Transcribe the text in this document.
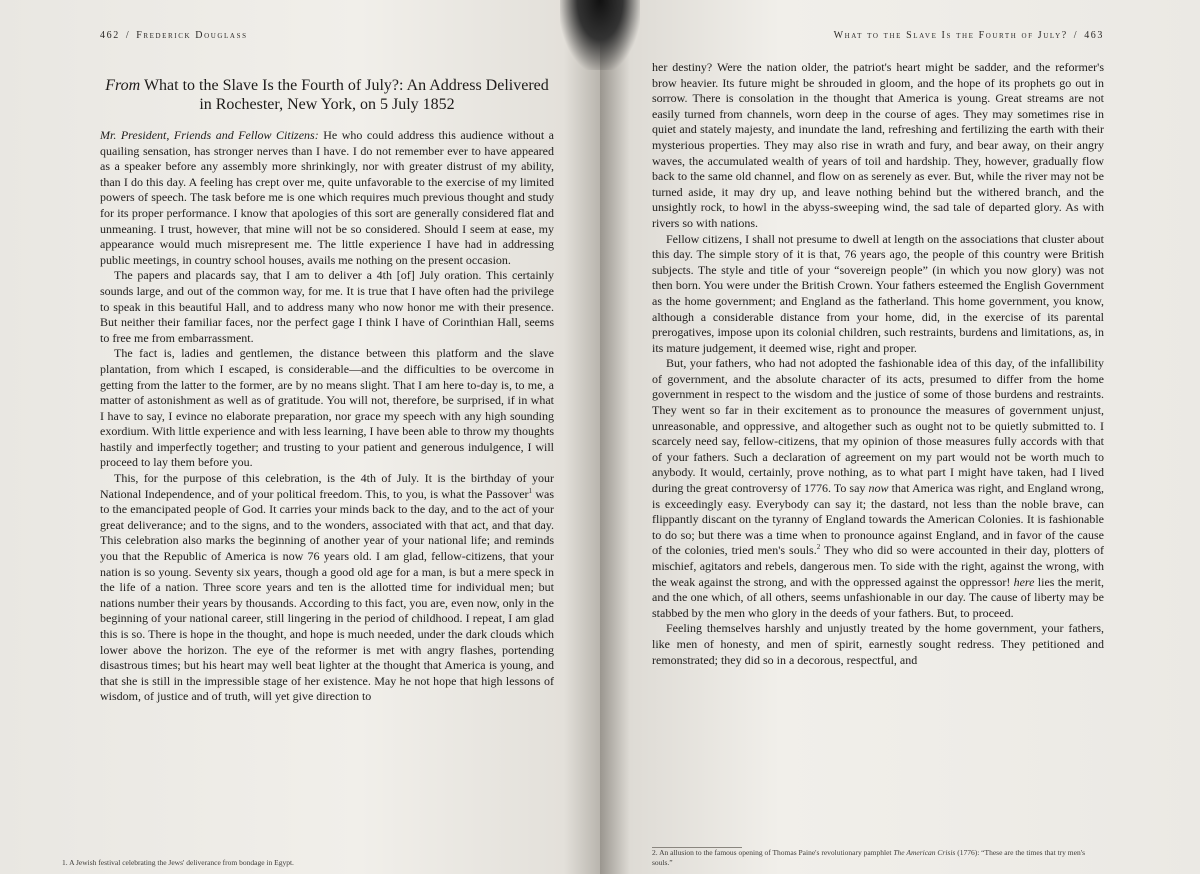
462 / Frederick Douglass
From What to the Slave Is the Fourth of July?: An Address Delivered in Rochester, New York, on 5 July 1852

Mr. President, Friends and Fellow Citizens: He who could address this audience without a quailing sensation, has stronger nerves than I have. I do not remember ever to have appeared as a speaker before any assembly more shrinkingly, nor with greater distrust of my ability, than I do this day. A feeling has crept over me, quite unfavorable to the exercise of my limited powers of speech. The task before me is one which requires much previous thought and study for its proper performance. I know that apologies of this sort are generally considered flat and unmeaning. I trust, however, that mine will not be so considered. Should I seem at ease, my appearance would much misrepresent me. The little experience I have had in addressing public meetings, in country school houses, avails me nothing on the present occasion.

The papers and placards say, that I am to deliver a 4th [of] July oration. This certainly sounds large, and out of the common way, for me. It is true that I have often had the privilege to speak in this beautiful Hall, and to address many who now honor me with their presence. But neither their familiar faces, nor the perfect gage I think I have of Corinthian Hall, seems to free me from embarrassment.

The fact is, ladies and gentlemen, the distance between this platform and the slave plantation, from which I escaped, is considerable—and the difficulties to be overcome in getting from the latter to the former, are by no means slight. That I am here to-day is, to me, a matter of astonishment as well as of gratitude. You will not, therefore, be surprised, if in what I have to say, I evince no elaborate preparation, nor grace my speech with any high sounding exordium. With little experience and with less learning, I have been able to throw my thoughts hastily and imperfectly together; and trusting to your patient and generous indulgence, I will proceed to lay them before you.

This, for the purpose of this celebration, is the 4th of July. It is the birthday of your National Independence, and of your political freedom. This, to you, is what the Passover$^1$ was to the emancipated people of God. It carries your minds back to the day, and to the act of your great deliverance; and to the signs, and to the wonders, associated with that act, and that day. This celebration also marks the beginning of another year of your national life; and reminds you that the Republic of America is now 76 years old. I am glad, fellow-citizens, that your nation is so young. Seventy six years, though a good old age for a man, is but a mere speck in the life of a nation. Three score years and ten is the allotted time for individual men; but nations number their years by thousands. According to this fact, you are, even now, only in the beginning of your national career, still lingering in the period of childhood. I repeat, I am glad this is so. There is hope in the thought, and hope is much needed, under the dark clouds which lower above the horizon. The eye of the reformer is met with angry flashes, portending disastrous times; but his heart may well beat lighter at the thought that America is young, and that she is still in the impressible stage of her existence. May he not hope that high lessons of wisdom, of justice and of truth, will yet give direction to

1. A Jewish festival celebrating the Jews' deliverance from bondage in Egypt.
What to the Slave Is the Fourth of July? / 463

her destiny? Were the nation older, the patriot's heart might be sadder, and the reformer's brow heavier. Its future might be shrouded in gloom, and the hope of its prophets go out in sorrow. There is consolation in the thought that America is young. Great streams are not easily turned from channels, worn deep in the course of ages. They may sometimes rise in quiet and stately majesty, and inundate the land, refreshing and fertilizing the earth with their mysterious properties. They may also rise in wrath and fury, and bear away, on their angry waves, the accumulated wealth of years of toil and hardship. They, however, gradually flow back to the same old channel, and flow on as serenely as ever. But, while the river may not be turned aside, it may dry up, and leave nothing behind but the withered branch, and the unsightly rock, to howl in the abyss-sweeping wind, the sad tale of departed glory. As with rivers so with nations.

Fellow citizens, I shall not presume to dwell at length on the associations that cluster about this day. The simple story of it is that, 76 years ago, the people of this country were British subjects. The style and title of your “sovereign people” (in which you now glory) was not then born. You were under the British Crown. Your fathers esteemed the English Government as the home government; and England as the fatherland. This home government, you know, although a considerable distance from your home, did, in the exercise of its parental prerogatives, impose upon its colonial children, such restraints, burdens and limitations, as, in its mature judgement, it deemed wise, right and proper.

But, your fathers, who had not adopted the fashionable idea of this day, of the infallibility of government, and the absolute character of its acts, presumed to differ from the home government in respect to the wisdom and the justice of some of those burdens and restraints. They went so far in their excitement as to pronounce the measures of government unjust, unreasonable, and oppressive, and altogether such as ought not to be quietly submitted to. I scarcely need say, fellow-citizens, that my opinion of those measures fully accords with that of your fathers. Such a declaration of agreement on my part would not be worth much to anybody. It would, certainly, prove nothing, as to what part I might have taken, had I lived during the great controversy of 1776. To say now that America was right, and England wrong, is exceedingly easy. Everybody can say it; the dastard, not less than the noble brave, can flippantly discant on the tyranny of England towards the American Colonies. It is fashionable to do so; but there was a time when to pronounce against England, and in favor of the cause of the colonies, tried men's souls.$^2$ They who did so were accounted in their day, plotters of mischief, agitators and rebels, dangerous men. To side with the right, against the wrong, with the weak against the strong, and with the oppressed against the oppressor! here lies the merit, and the one which, of all others, seems unfashionable in our day. The cause of liberty may be stabbed by the men who glory in the deeds of your fathers. But, to proceed.

Feeling themselves harshly and unjustly treated by the home government, your fathers, like men of honesty, and men of spirit, earnestly sought redress. They petitioned and remonstrated; they did so in a decorous, respectful, and

2. An allusion to the famous opening of Thomas Paine's revolutionary pamphlet The American Crisis (1776): “These are the times that try men's souls.”
